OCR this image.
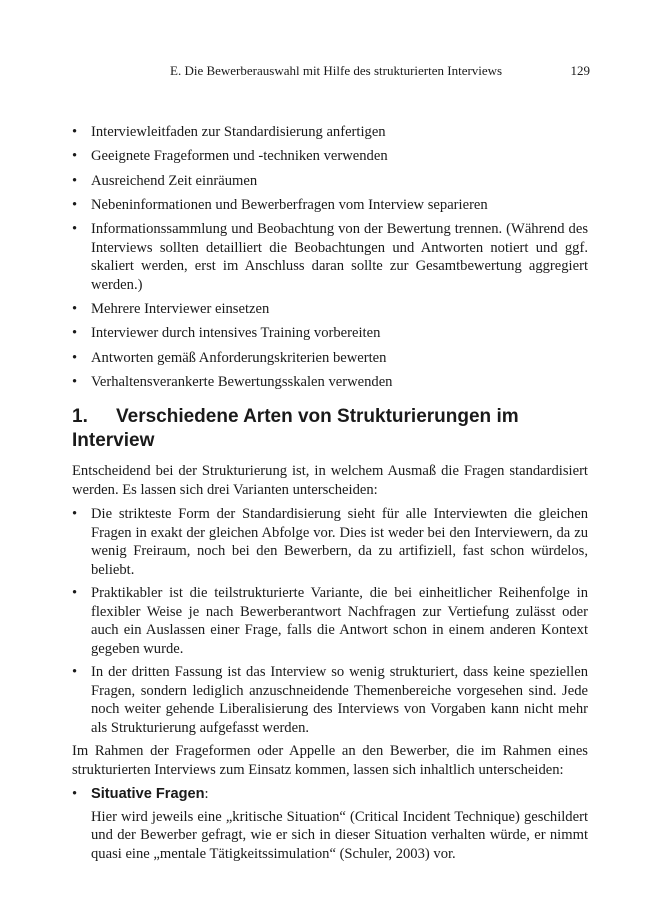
E. Die Bewerberauswahl mit Hilfe des strukturierten Interviews	129
• Interviewleitfaden zur Standardisierung anfertigen
• Geeignete Frageformen und -techniken verwenden
• Ausreichend Zeit einräumen
• Nebeninformationen und Bewerberfragen vom Interview separieren
• Informationssammlung und Beobachtung von der Bewertung trennen. (Während des Interviews sollten detailliert die Beobachtungen und Antworten notiert und ggf. skaliert werden, erst im Anschluss daran sollte zur Gesamtbewertung aggregiert werden.)
• Mehrere Interviewer einsetzen
• Interviewer durch intensives Training vorbereiten
• Antworten gemäß Anforderungskriterien bewerten
• Verhaltensverankerte Bewertungsskalen verwenden
1. Verschiedene Arten von Strukturierungen im Interview

Entscheidend bei der Strukturierung ist, in welchem Ausmaß die Fragen standardisiert werden. Es lassen sich drei Varianten unterscheiden:

• Die strikteste Form der Standardisierung sieht für alle Interviewten die gleichen Fragen in exakt der gleichen Abfolge vor. Dies ist weder bei den Interviewern, da zu wenig Freiraum, noch bei den Bewerbern, da zu artifiziell, fast schon würdelos, beliebt.
• Praktikabler ist die teilstrukturierte Variante, die bei einheitlicher Reihenfolge in flexibler Weise je nach Bewerberantwort Nachfragen zur Vertiefung zulässt oder auch ein Auslassen einer Frage, falls die Antwort schon in einem anderen Kontext gegeben wurde.
• In der dritten Fassung ist das Interview so wenig strukturiert, dass keine speziellen Fragen, sondern lediglich anzuschneidende Themenbereiche vorgesehen sind. Jede noch weiter gehende Liberalisierung des Interviews von Vorgaben kann nicht mehr als Strukturierung aufgefasst werden.

Im Rahmen der Frageformen oder Appelle an den Bewerber, die im Rahmen eines strukturierten Interviews zum Einsatz kommen, lassen sich inhaltlich unterscheiden:

• Situative Fragen:

Hier wird jeweils eine „kritische Situation“ (Critical Incident Technique) geschildert und der Bewerber gefragt, wie er sich in dieser Situation verhalten würde, er nimmt quasi eine „mentale Tätigkeitssimulation“ (Schuler, 2003) vor.
